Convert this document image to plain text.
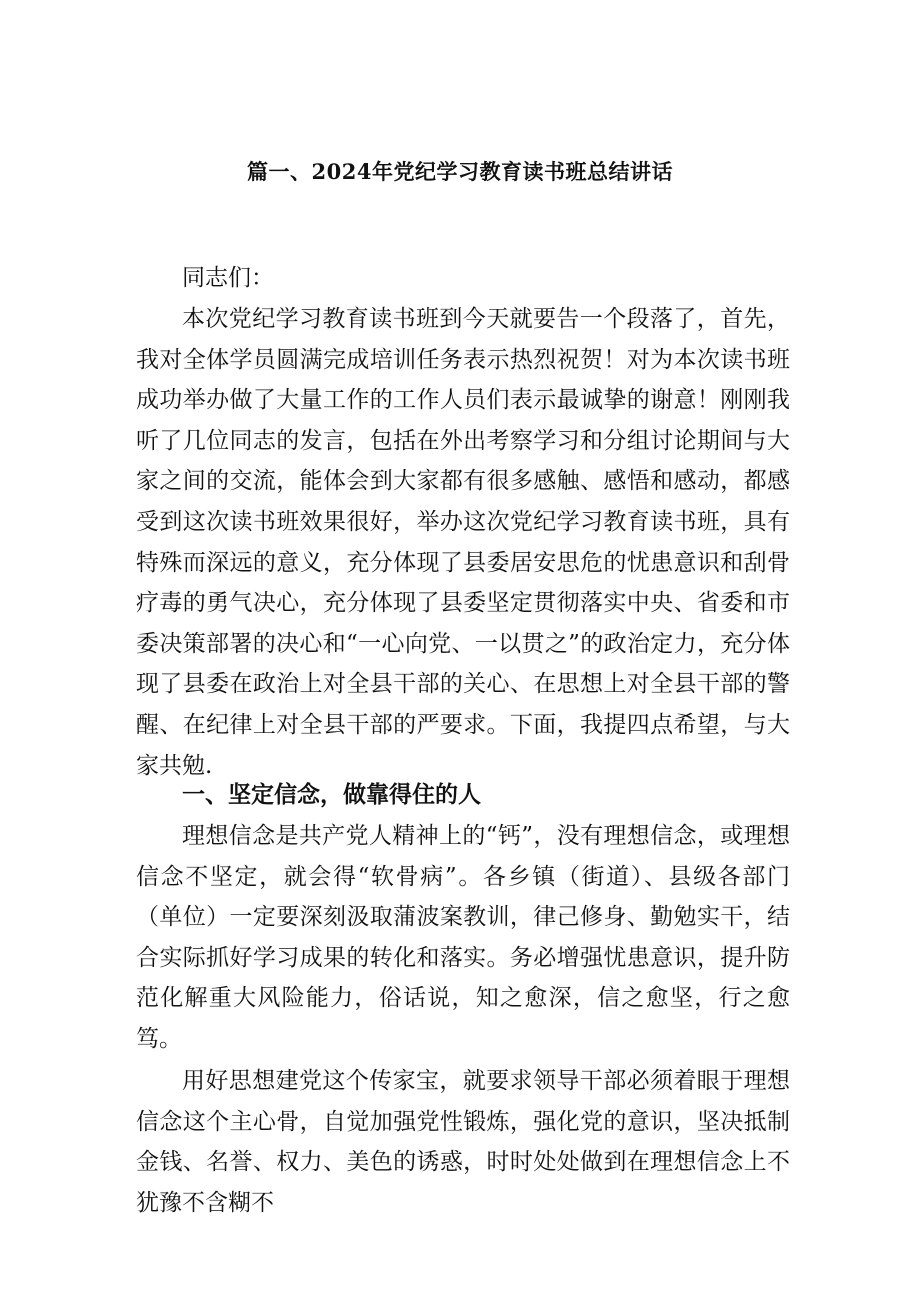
篇一、2024年党纪学习教育读书班总结讲话

同志们：

本次党纪学习教育读书班到今天就要告一个段落了，首先，我对全体学员圆满完成培训任务表示热烈祝贺！对为本次读书班成功举办做了大量工作的工作人员们表示最诚挚的谢意！刚刚我听了几位同志的发言，包括在外出考察学习和分组讨论期间与大家之间的交流，能体会到大家都有很多感触、感悟和感动，都感受到这次读书班效果很好，举办这次党纪学习教育读书班，具有特殊而深远的意义，充分体现了县委居安思危的忧患意识和刮骨疗毒的勇气决心，充分体现了县委坚定贯彻落实中央、省委和市委决策部署的决心和“一心向党、一以贯之”的政治定力，充分体现了县委在政治上对全县干部的关心、在思想上对全县干部的警醒、在纪律上对全县干部的严要求。下面，我提四点希望，与大家共勉.

一、坚定信念，做靠得住的人

理想信念是共产党人精神上的“钙”，没有理想信念，或理想信念不坚定，就会得“软骨病”。各乡镇（街道）、县级各部门（单位）一定要深刻汲取蒲波案教训，律己修身、勤勉实干，结合实际抓好学习成果的转化和落实。务必增强忧患意识，提升防范化解重大风险能力，俗话说，知之愈深，信之愈坚，行之愈笃。

用好思想建党这个传家宝，就要求领导干部必须着眼于理想信念这个主心骨，自觉加强党性锻炼，强化党的意识，坚决抵制金钱、名誉、权力、美色的诱惑，时时处处做到在理想信念上不犹豫不含糊不
